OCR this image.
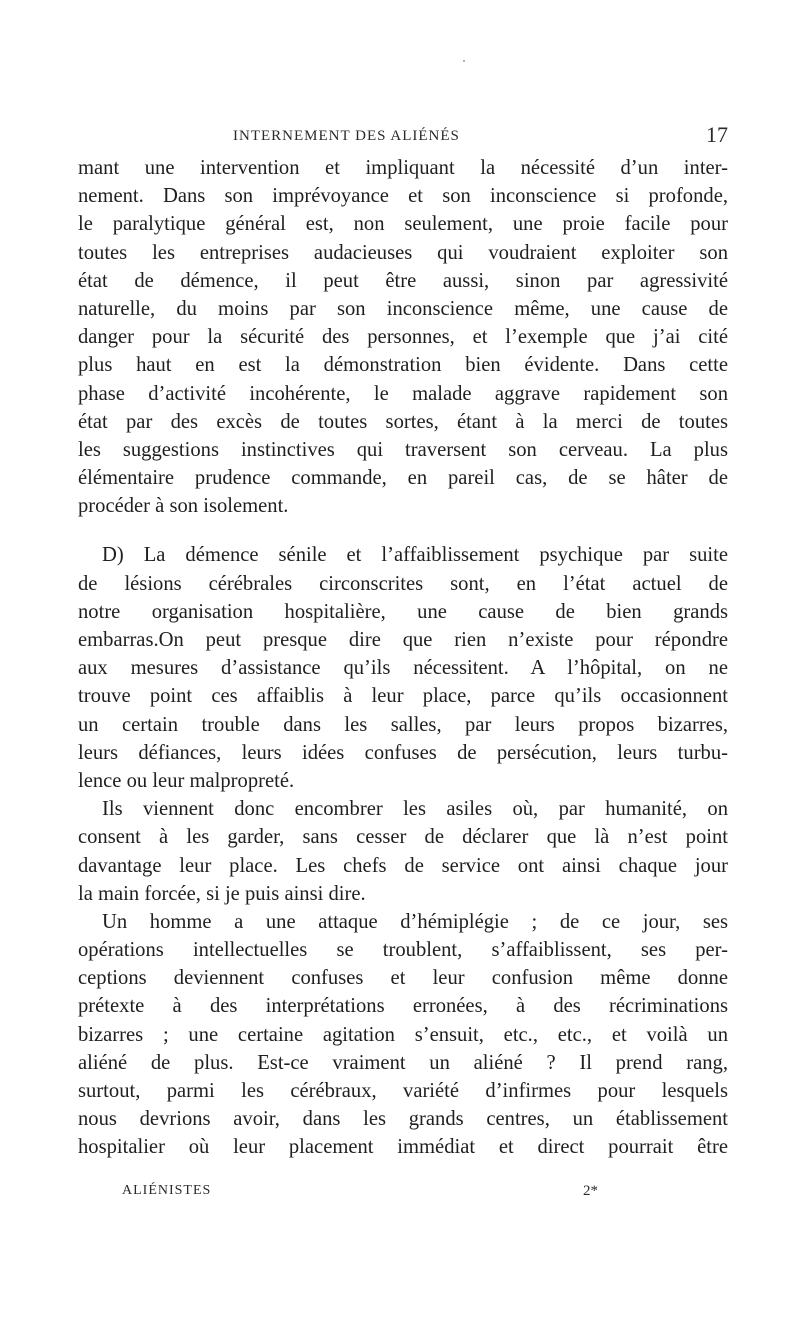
INTERNEMENT DES ALIÉNÉS	17
mant une intervention et impliquant la nécessité d’un inter-
nement. Dans son imprévoyance et son inconscience si profonde,
le paralytique général est, non seulement, une proie facile pour
toutes les entreprises audacieuses qui voudraient exploiter son
état de démence, il peut être aussi, sinon par agressivité
naturelle, du moins par son inconscience même, une cause de
danger pour la sécurité des personnes, et l’exemple que j’ai cité
plus haut en est la démonstration bien évidente. Dans cette
phase d’activité incohérente, le malade aggrave rapidement son
état par des excès de toutes sortes, étant à la merci de toutes
les suggestions instinctives qui traversent son cerveau. La plus
élémentaire prudence commande, en pareil cas, de se hâter de
procéder à son isolement.
D) La démence sénile et l’affaiblissement psychique par suite
de lésions cérébrales circonscrites sont, en l’état actuel de
notre organisation hospitalière, une cause de bien grands
embarras.On peut presque dire que rien n’existe pour répondre
aux mesures d’assistance qu’ils nécessitent. A l’hôpital, on ne
trouve point ces affaiblis à leur place, parce qu’ils occasionnent
un certain trouble dans les salles, par leurs propos bizarres,
leurs défiances, leurs idées confuses de persécution, leurs turbu-
lence ou leur malpropreté.
Ils viennent donc encombrer les asiles où, par humanité, on
consent à les garder, sans cesser de déclarer que là n’est point
davantage leur place. Les chefs de service ont ainsi chaque jour
la main forcée, si je puis ainsi dire.
Un homme a une attaque d’hémiplégie ; de ce jour, ses
opérations intellectuelles se troublent, s’affaiblissent, ses per-
ceptions deviennent confuses et leur confusion même donne
prétexte à des interprétations erronées, à des récriminations
bizarres ; une certaine agitation s’ensuit, etc., etc., et voilà un
aliéné de plus. Est-ce vraiment un aliéné ? Il prend rang,
surtout, parmi les cérébraux, variété d’infirmes pour lesquels
nous devrions avoir, dans les grands centres, un établissement
hospitalier où leur placement immédiat et direct pourrait être
ALIÉNISTES	2*
